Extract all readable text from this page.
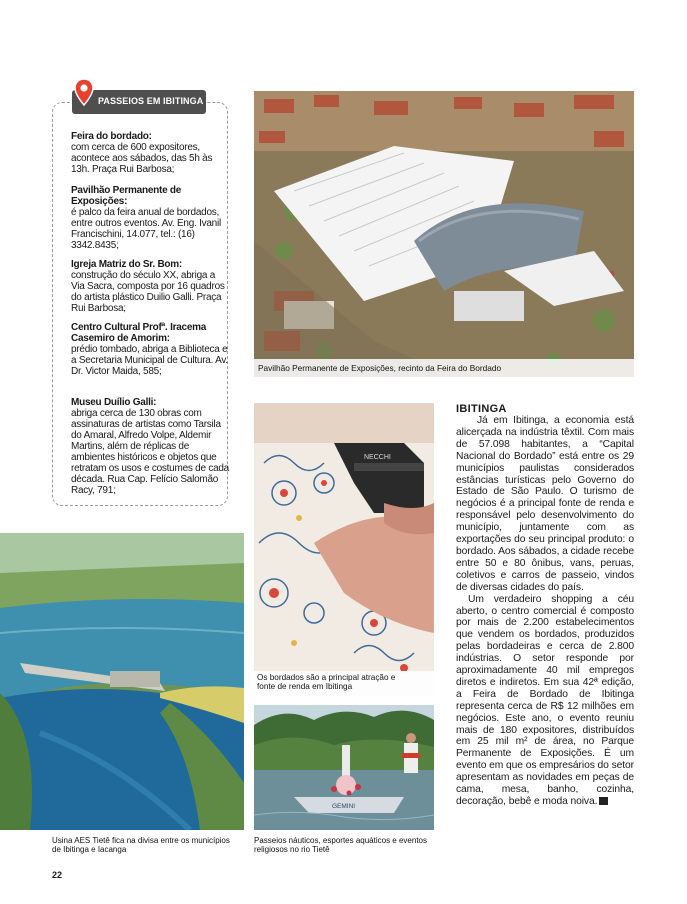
PASSEIOS EM IBITINGA
Feira do bordado:
com cerca de 600 expositores, acontece aos sábados, das 5h às 13h. Praça Rui Barbosa;
Pavilhão Permanente de Exposições:
é palco da feira anual de bordados, entre outros eventos. Av. Eng. Ivanil Francischini, 14.077, tel.: (16) 3342.8435;
Igreja Matriz do Sr. Bom:
construção do século XX, abriga a Via Sacra, composta por 16 quadros do artista plástico Duilio Galli. Praça Rui Barbosa;
Centro Cultural Profª. Iracema Casemiro de Amorim:
prédio tombado, abriga a Biblioteca e a Secretaria Municipal de Cultura. Av. Dr. Victor Maida, 585;
Museu Duílio Galli:
abriga cerca de 130 obras com assinaturas de artistas como Tarsila do Amaral, Alfredo Volpe, Aldemir Martins, além de réplicas de ambientes históricos e objetos que retratam os usos e costumes de cada década. Rua Cap. Felício Salomão Racy, 791;
Pavilhão Permanente de Exposições, recinto da Feira do Bordado
NECCHI
Os bordados são a principal atração e fonte de renda em Ibitinga
GEMINI
Usina AES Tietê fica na divisa entre os municípios de Ibitinga e Iacanga
Passeios náuticos, esportes aquáticos e eventos religiosos no rio Tietê
IBITINGA

Já em Ibitinga, a economia está alicerçada na indústria têxtil. Com mais de 57.098 habitantes, a “Capital Nacional do Bordado” está entre os 29 municípios paulistas considerados estâncias turísticas pelo Governo do Estado de São Paulo. O turismo de negócios é a principal fonte de renda e responsável pelo desenvolvimento do município, juntamente com as exportações do seu principal produto: o bordado. Aos sábados, a cidade recebe entre 50 e 80 ônibus, vans, peruas, coletivos e carros de passeio, vindos de diversas cidades do país.

Um verdadeiro shopping a céu aberto, o centro comercial é composto por mais de 2.200 estabelecimentos que vendem os bordados, produzidos pelas bordadeiras e cerca de 2.800 indústrias. O setor responde por aproximadamente 40 mil empregos diretos e indiretos. Em sua 42ª edição, a Feira de Bordado de Ibitinga representa cerca de R$ 12 milhões em negócios. Este ano, o evento reuniu mais de 180 expositores, distribuídos em 25 mil m² de área, no Parque Permanente de Exposições. É um evento em que os empresários do setor apresentam as novidades em peças de cama, mesa, banho, cozinha, decoração, bebê e moda noiva.

22
